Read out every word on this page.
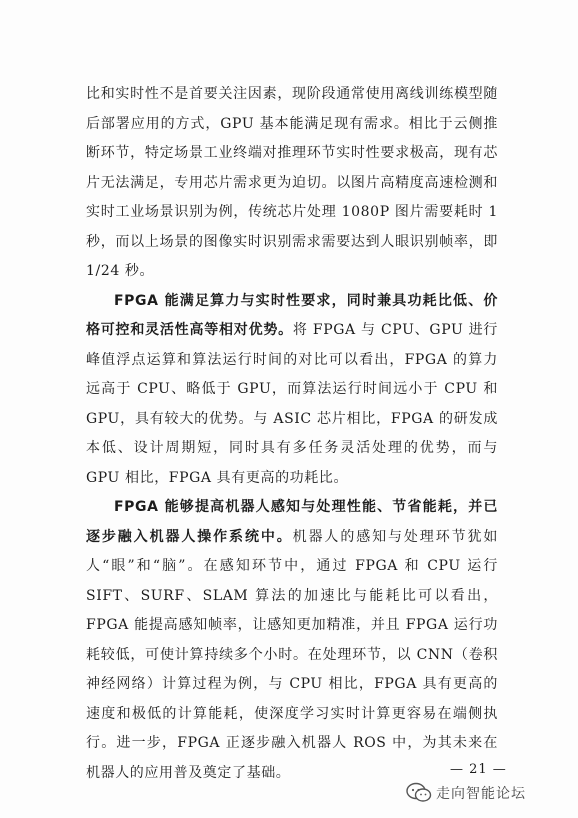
比和实时性不是首要关注因素，现阶段通常使用离线训练模型随后部署应用的方式，GPU 基本能满足现有需求。相比于云侧推断环节，特定场景工业终端对推理环节实时性要求极高，现有芯片无法满足，专用芯片需求更为迫切。以图片高精度高速检测和实时工业场景识别为例，传统芯片处理 1080P 图片需要耗时 1 秒，而以上场景的图像实时识别需求需要达到人眼识别帧率，即 1/24 秒。

FPGA 能满足算力与实时性要求，同时兼具功耗比低、价格可控和灵活性高等相对优势。将 FPGA 与 CPU、GPU 进行峰值浮点运算和算法运行时间的对比可以看出，FPGA 的算力远高于 CPU、略低于 GPU，而算法运行时间远小于 CPU 和 GPU，具有较大的优势。与 ASIC 芯片相比，FPGA 的研发成本低、设计周期短，同时具有多任务灵活处理的优势，而与 GPU 相比，FPGA 具有更高的功耗比。

FPGA 能够提高机器人感知与处理性能、节省能耗，并已逐步融入机器人操作系统中。机器人的感知与处理环节犹如人“眼”和“脑”。在感知环节中，通过 FPGA 和 CPU 运行 SIFT、SURF、SLAM 算法的加速比与能耗比可以看出，FPGA 能提高感知帧率，让感知更加精准，并且 FPGA 运行功耗较低，可使计算持续多个小时。在处理环节，以 CNN（卷积神经网络）计算过程为例，与 CPU 相比，FPGA 具有更高的速度和极低的计算能耗，使深度学习实时计算更容易在端侧执行。进一步，FPGA 正逐步融入机器人 ROS 中，为其未来在机器人的应用普及奠定了基础。	— 21 —
走向智能论坛
